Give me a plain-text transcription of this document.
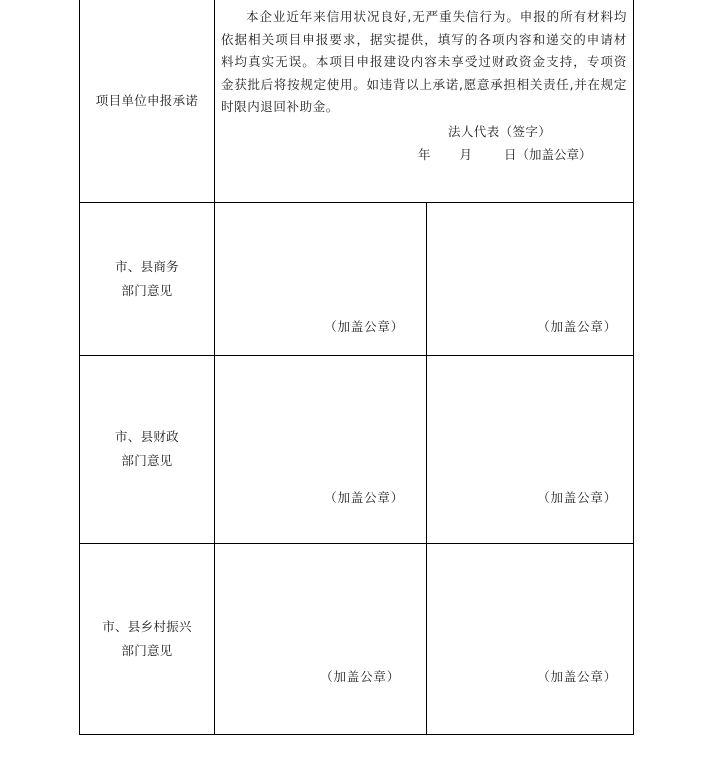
项目单位申报承诺	本企业近年来信用状况良好,无严重失信行为。申报的所有材料均依据相关项目申报要求，据实提供，填写的各项内容和递交的申请材料均真实无误。本项目申报建设内容未享受过财政资金支持，专项资金获批后将按规定使用。如违背以上承诺,愿意承担相关责任,并在规定时限内退回补助金。
法人代表（签字）
年 月 日（加盖公章）	

市、县商务
部门意见	（加盖公章）	（加盖公章）

市、县财政
部门意见	（加盖公章）	（加盖公章）

市、县乡村振兴
部门意见	（加盖公章）	（加盖公章）
